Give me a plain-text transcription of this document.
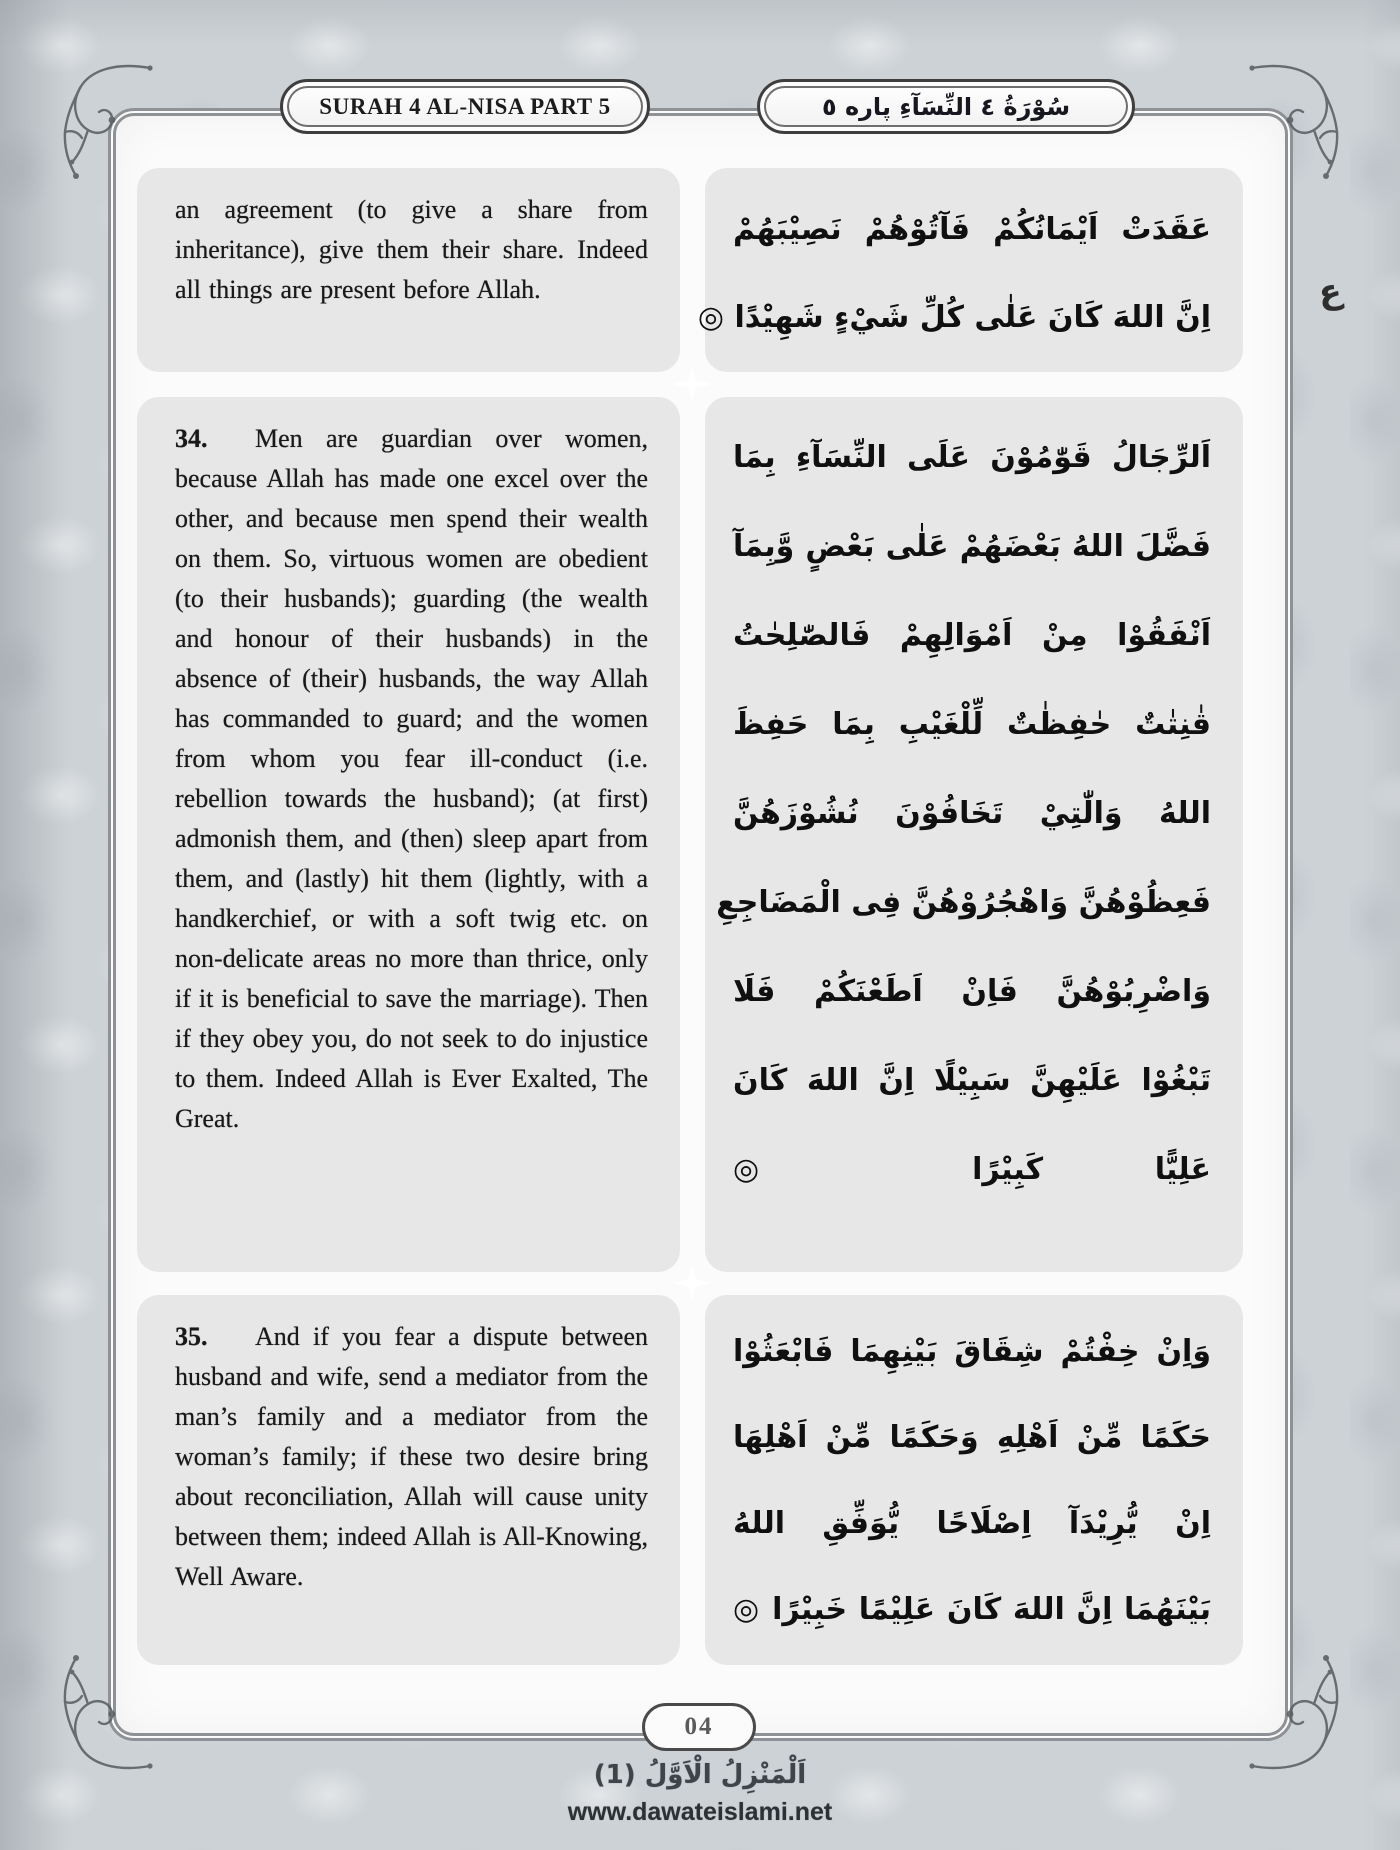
SURAH 4 AL-NISA PART 5	سُوْرَةُ ٤ النِّسَآءِ پاره ٥
ع

an agreement (to give a share from inheritance), give them their share. Indeed all things are present before Allah.

عَقَدَتْ اَيْمَانُكُمْ فَآتُوْهُمْ نَصِيْبَهُمْ
اِنَّ اللهَ كَانَ عَلٰى كُلِّ شَيْءٍ شَهِيْدًا ◎

34. Men are guardian over women, because Allah has made one excel over the other, and because men spend their wealth on them. So, virtuous women are obedient (to their husbands); guarding (the wealth and honour of their husbands) in the absence of (their) husbands, the way Allah has commanded to guard; and the women from whom you fear ill-conduct (i.e. rebellion towards the husband); (at first) admonish them, and (then) sleep apart from them, and (lastly) hit them (lightly, with a handkerchief, or with a soft twig etc. on non-delicate areas no more than thrice, only if it is beneficial to save the marriage). Then if they obey you, do not seek to do injustice to them. Indeed Allah is Ever Exalted, The Great.

اَلرِّجَالُ قَوّٰمُوْنَ عَلَى النِّسَآءِ بِمَا
فَضَّلَ اللهُ بَعْضَهُمْ عَلٰى بَعْضٍ وَّبِمَآ
اَنْفَقُوْا مِنْ اَمْوَالِهِمْ فَالصّٰلِحٰتُ
قٰنِتٰتٌ حٰفِظٰتٌ لِّلْغَيْبِ بِمَا حَفِظَ
اللهُ وَالّٰتِيْ تَخَافُوْنَ نُشُوْزَهُنَّ
فَعِظُوْهُنَّ وَاهْجُرُوْهُنَّ فِى الْمَضَاجِعِ
وَاضْرِبُوْهُنَّ فَاِنْ اَطَعْنَكُمْ فَلَا
تَبْغُوْا عَلَيْهِنَّ سَبِيْلًا اِنَّ اللهَ كَانَ
عَلِيًّا كَبِيْرًا ◎

35. And if you fear a dispute between husband and wife, send a mediator from the man’s family and a mediator from the woman’s family; if these two desire bring about reconciliation, Allah will cause unity between them; indeed Allah is All-Knowing, Well Aware.

وَاِنْ خِفْتُمْ شِقَاقَ بَيْنِهِمَا فَابْعَثُوْا
حَكَمًا مِّنْ اَهْلِهِ وَحَكَمًا مِّنْ اَهْلِهَا
اِنْ يُّرِيْدَآ اِصْلَاحًا يُّوَفِّقِ اللهُ
بَيْنَهُمَا اِنَّ اللهَ كَانَ عَلِيْمًا خَبِيْرًا ◎
04
اَلْمَنْزِلُ الْاَوَّلُ (1)
www.dawateislami.net
